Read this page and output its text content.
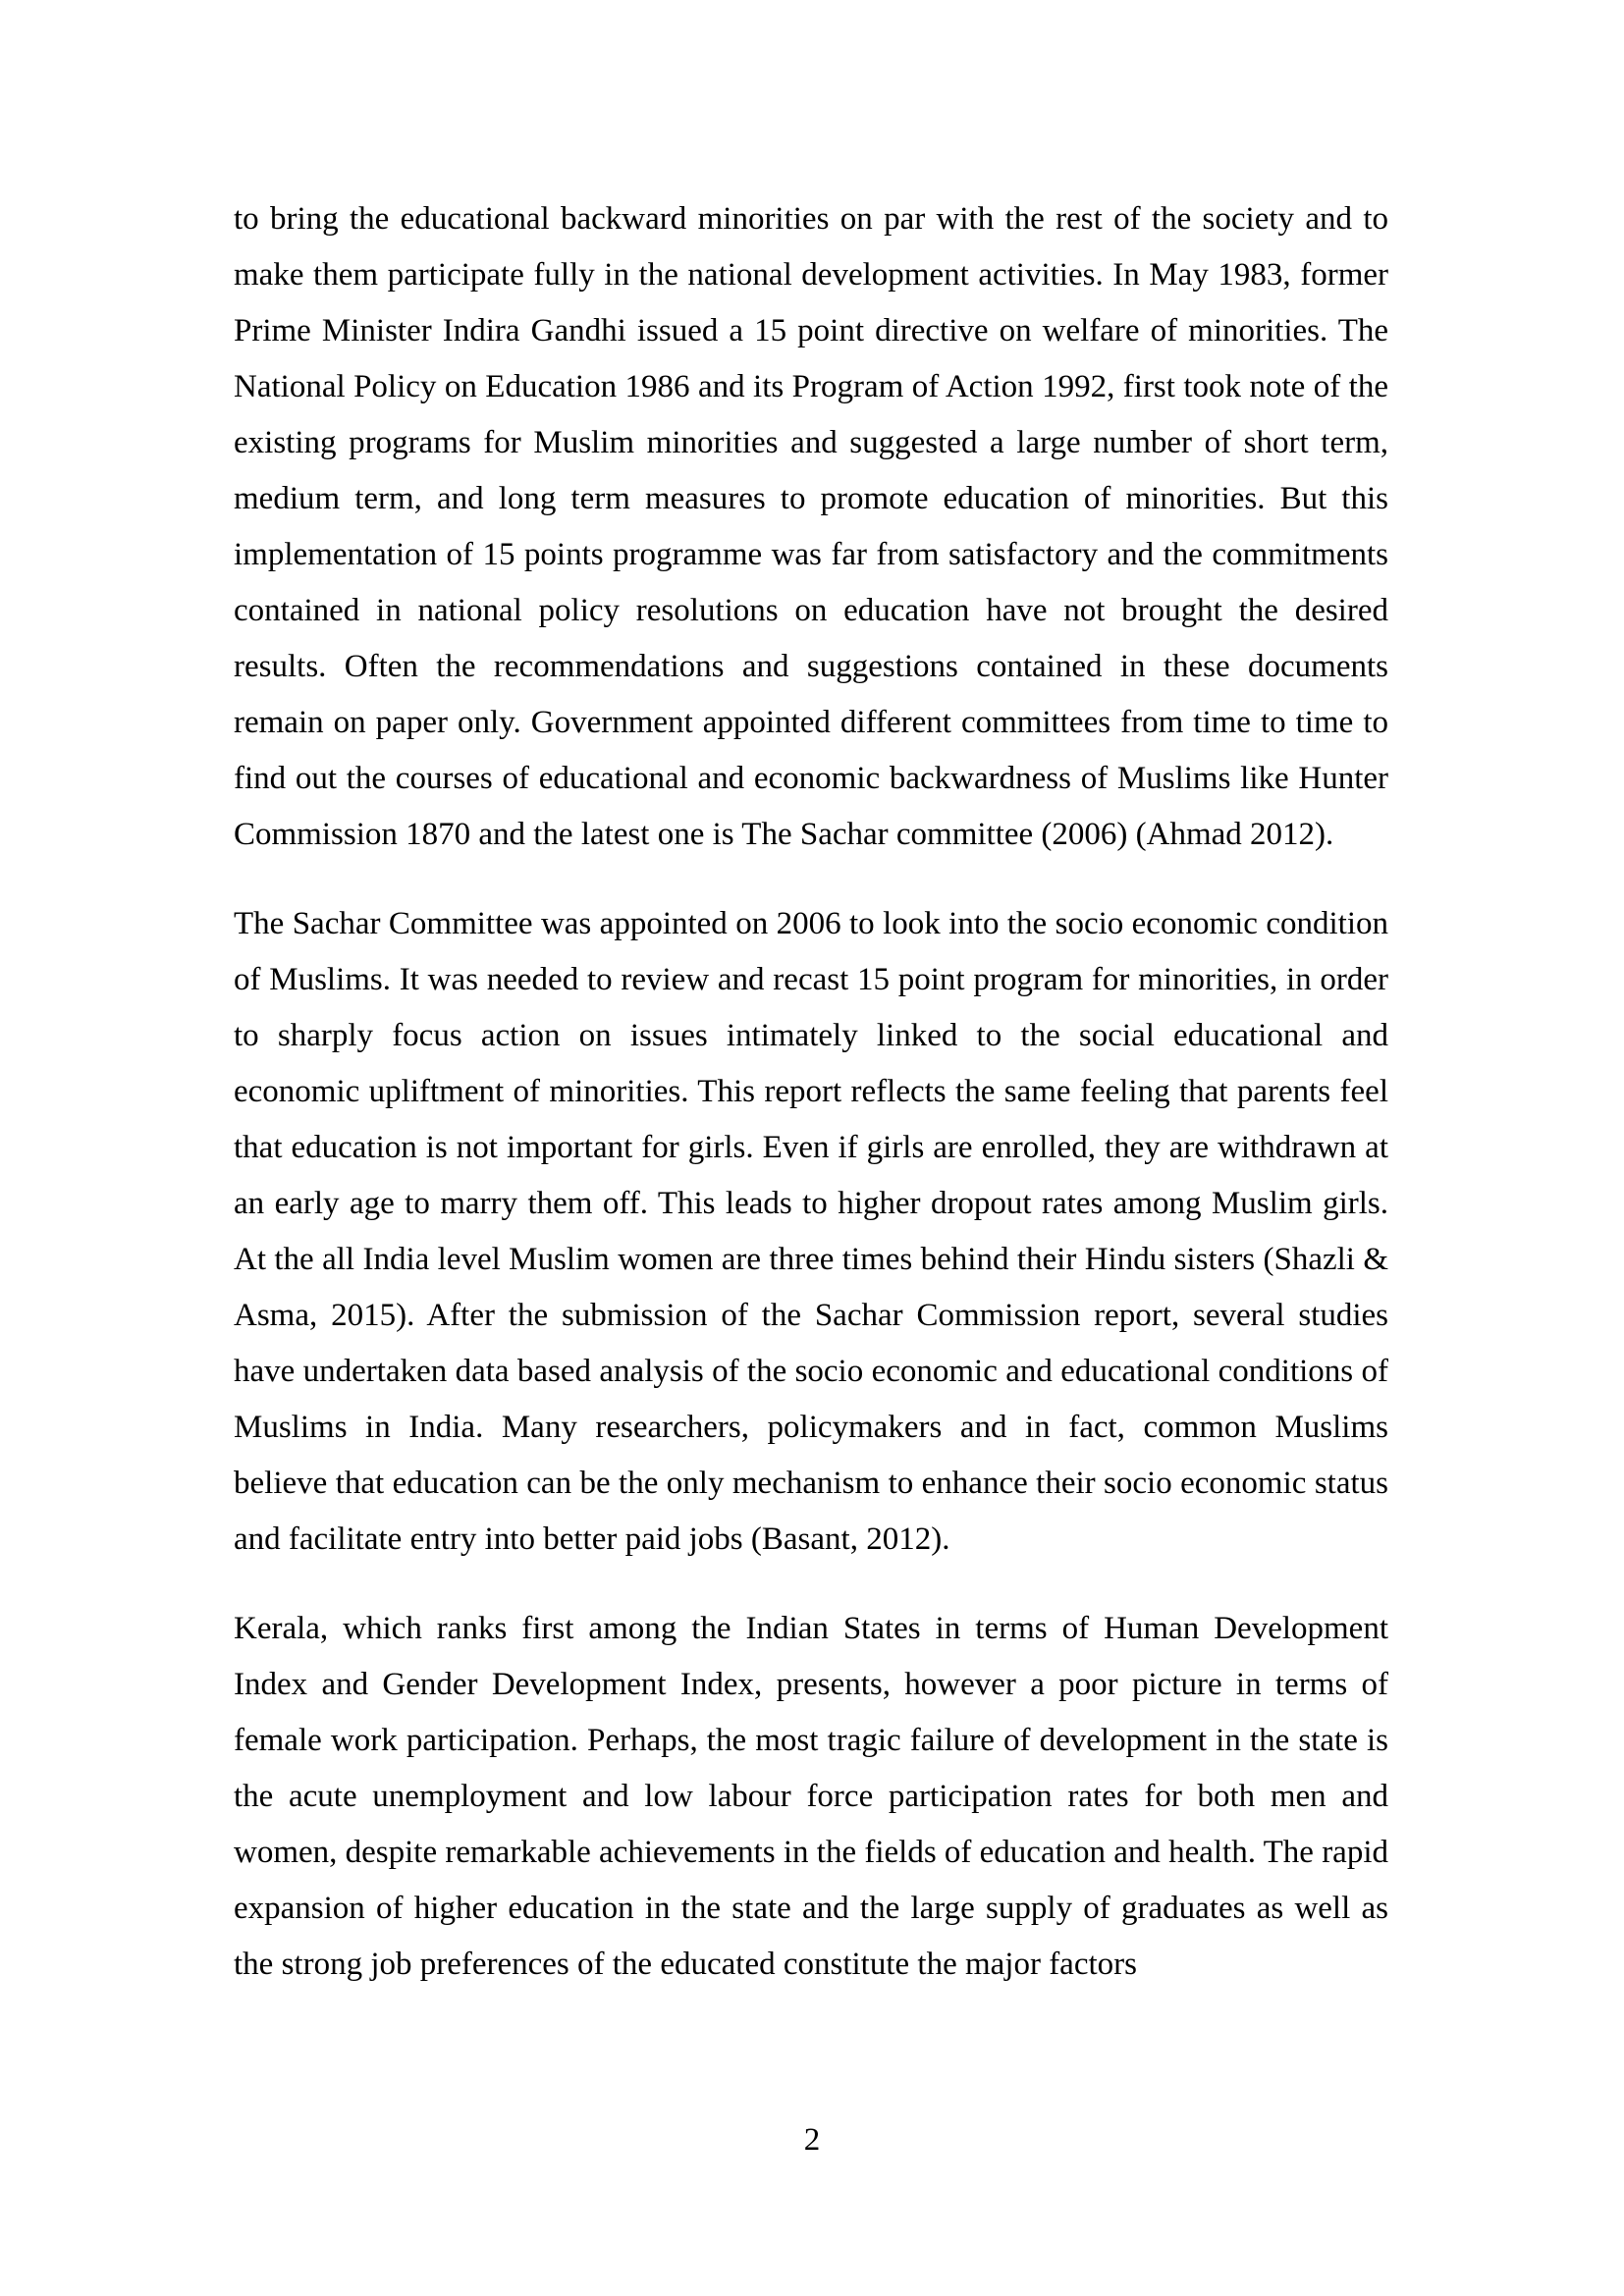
to bring the educational backward minorities on par with the rest of the society and to make them participate fully in the national development activities. In May 1983, former Prime Minister Indira Gandhi issued a 15 point directive on welfare of minorities. The National Policy on Education 1986 and its Program of Action 1992, first took note of the existing programs for Muslim minorities and suggested a large number of short term, medium term, and long term measures to promote education of minorities. But this implementation of 15 points programme was far from satisfactory and the commitments contained in national policy resolutions on education have not brought the desired results. Often the recommendations and suggestions contained in these documents remain on paper only. Government appointed different committees from time to time to find out the courses of educational and economic backwardness of Muslims like Hunter Commission 1870 and the latest one is The Sachar committee (2006) (Ahmad 2012).

The Sachar Committee was appointed on 2006 to look into the socio economic condition of Muslims. It was needed to review and recast 15 point program for minorities, in order to sharply focus action on issues intimately linked to the social educational and economic upliftment of minorities. This report reflects the same feeling that parents feel that education is not important for girls. Even if girls are enrolled, they are withdrawn at an early age to marry them off. This leads to higher dropout rates among Muslim girls. At the all India level Muslim women are three times behind their Hindu sisters (Shazli & Asma, 2015). After the submission of the Sachar Commission report, several studies have undertaken data based analysis of the socio economic and educational conditions of Muslims in India. Many researchers, policymakers and in fact, common Muslims believe that education can be the only mechanism to enhance their socio economic status and facilitate entry into better paid jobs (Basant, 2012).

Kerala, which ranks first among the Indian States in terms of Human Development Index and Gender Development Index, presents, however a poor picture in terms of female work participation. Perhaps, the most tragic failure of development in the state is the acute unemployment and low labour force participation rates for both men and women, despite remarkable achievements in the fields of education and health. The rapid expansion of higher education in the state and the large supply of graduates as well as the strong job preferences of the educated constitute the major factors

2
